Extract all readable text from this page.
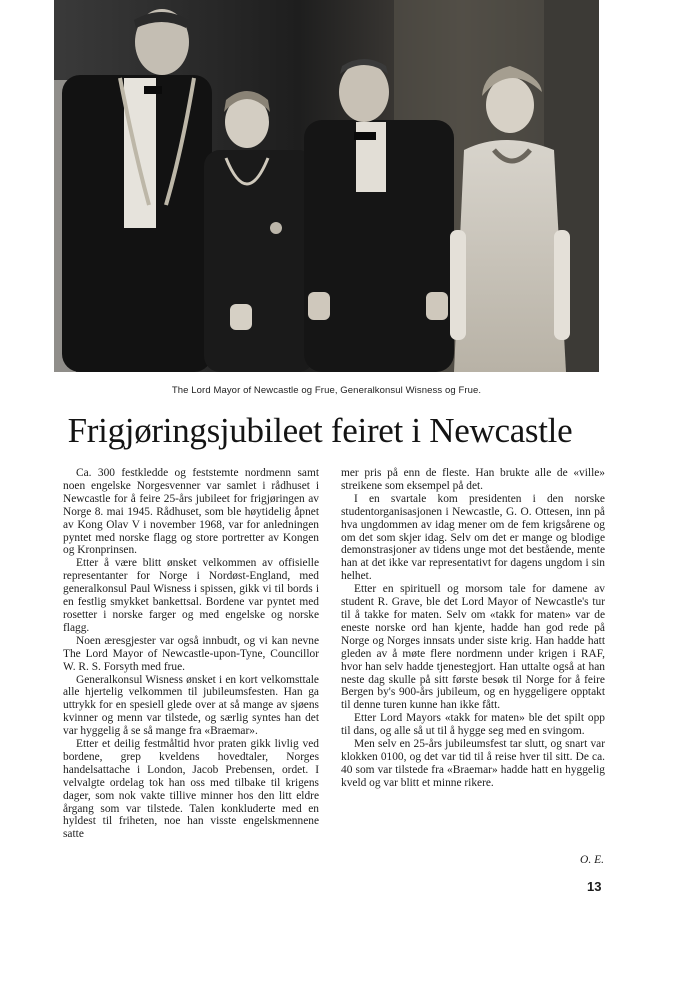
The Lord Mayor of Newcastle og Frue, Generalkonsul Wisness og Frue.
Frigjøringsjubileet feiret i Newcastle

Ca. 300 festkledde og feststemte nordmenn samt noen engelske Norgesvenner var samlet i rådhuset i Newcastle for å feire 25-års jubileet for frigjøringen av Norge 8. mai 1945. Rådhuset, som ble høytidelig åpnet av Kong Olav V i november 1968, var for anledningen pyntet med norske flagg og store portretter av Kongen og Kronprinsen.

Etter å være blitt ønsket velkommen av offisielle representanter for Norge i Nordøst-England, med generalkonsul Paul Wisness i spissen, gikk vi til bords i en festlig smykket bankettsal. Bordene var pyntet med rosetter i norske farger og med engelske og norske flagg.

Noen æresgjester var også innbudt, og vi kan nevne The Lord Mayor of Newcastle-upon-Tyne, Councillor W. R. S. Forsyth med frue.

Generalkonsul Wisness ønsket i en kort velkomsttale alle hjertelig velkommen til jubileumsfesten. Han ga uttrykk for en spesiell glede over at så mange av sjøens kvinner og menn var tilstede, og særlig syntes han det var hyggelig å se så mange fra «Braemar».

Etter et deilig festmåltid hvor praten gikk livlig ved bordene, grep kveldens hovedtaler, Norges handelsattache i London, Jacob Prebensen, ordet. I velvalgte ordelag tok han oss med tilbake til krigens dager, som nok vakte tillive minner hos den litt eldre årgang som var tilstede. Talen konkluderte med en hyldest til friheten, noe han visste engelskmennene satte

mer pris på enn de fleste. Han brukte alle de «ville» streikene som eksempel på det.

I en svartale kom presidenten i den norske studentorganisasjonen i Newcastle, G. O. Ottesen, inn på hva ungdommen av idag mener om de fem krigsårene og om det som skjer idag. Selv om det er mange og blodige demonstrasjoner av tidens unge mot det bestående, mente han at det ikke var representativt for dagens ungdom i sin helhet.

Etter en spirituell og morsom tale for damene av student R. Grave, ble det Lord Mayor of Newcastle's tur til å takke for maten. Selv om «takk for maten» var de eneste norske ord han kjente, hadde han god rede på Norge og Norges innsats under siste krig. Han hadde hatt gleden av å møte flere nordmenn under krigen i RAF, hvor han selv hadde tjenestegjort. Han uttalte også at han neste dag skulle på sitt første besøk til Norge for å feire Bergen by's 900-års jubileum, og en hyggeligere opptakt til denne turen kunne han ikke fått.

Etter Lord Mayors «takk for maten» ble det spilt opp til dans, og alle så ut til å hygge seg med en svingom.

Men selv en 25-års jubileumsfest tar slutt, og snart var klokken 0100, og det var tid til å reise hver til sitt. De ca. 40 som var tilstede fra «Braemar» hadde hatt en hyggelig kveld og var blitt et minne rikere.

O. E.
13
